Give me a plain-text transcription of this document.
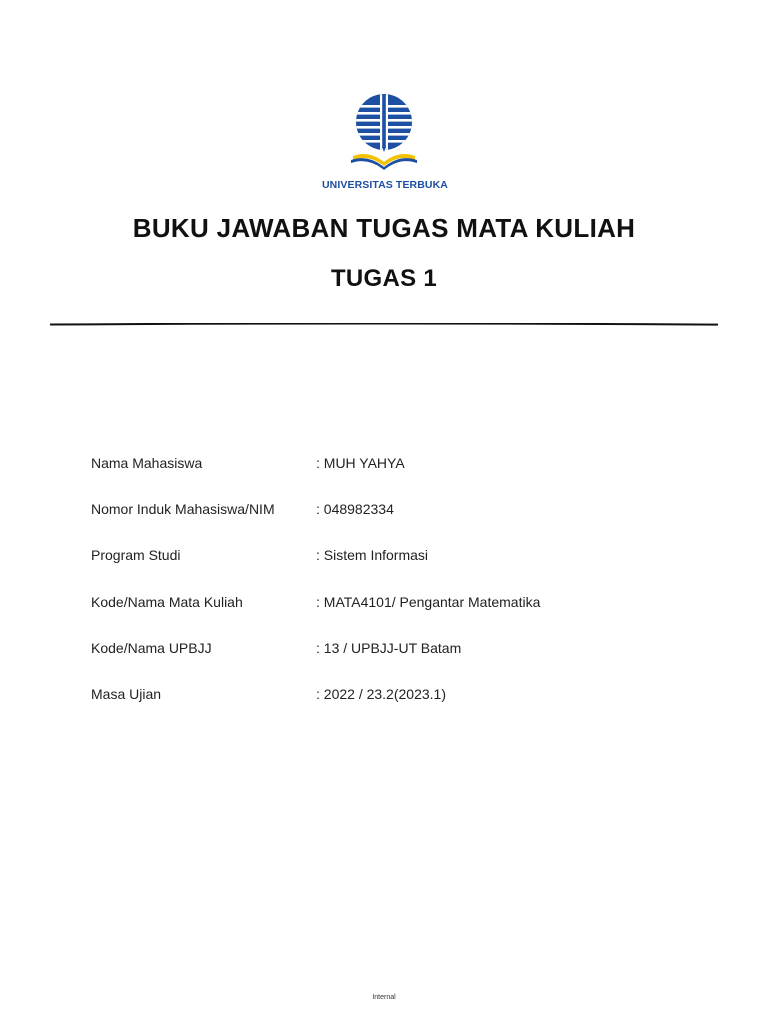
UNIVERSITAS TERBUKA
BUKU JAWABAN TUGAS MATA KULIAH
TUGAS 1
Nama Mahasiswa	: MUH YAHYA
Nomor Induk Mahasiswa/NIM	: 048982334
Program Studi	: Sistem Informasi
Kode/Nama Mata Kuliah	: MATA4101/ Pengantar Matematika
Kode/Nama UPBJJ	: 13 / UPBJJ-UT Batam
Masa Ujian	: 2022 / 23.2(2023.1)
Internal
